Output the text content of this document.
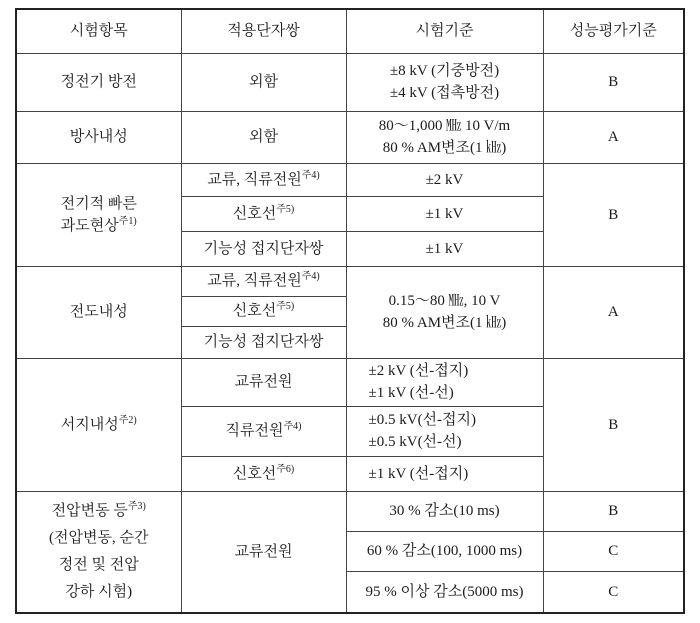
시험항목	적용단자쌍	시험기준	성능평가기준
정전기 방전	외함	±8 kV (기중방전)
±4 kV (접촉방전)	B
방사내성	외함	80～1,000 ㎒ 10 V/m
80 % AM변조(1 ㎑)	A

전기적 빠른
과도현상$^{주1)}$	교류, 직류전원$^{주4)}$	±2 kV	B
	신호선$^{주5)}$	±1 kV	
	기능성 접지단자쌍	±1 kV	
전도내성	교류, 직류전원$^{주4)}$	0.15～80 ㎒, 10 V
80 % AM변조(1 ㎑)	A
	신호선$^{주5)}$
	기능성 접지단자쌍		
서지내성$^{주2)}$	교류전원	±2 kV (선-접지)
±1 kV (선-선)	B
	직류전원$^{주4)}$	±0.5 kV(선-접지)
±0.5 kV(선-선)	

	신호선$^{주6)}$	±1 kV (선-접지)	

전압변동 등$^{주3)}$
(전압변동, 순간
정전 및 전압
강하 시험)	교류전원	30 % 감소(10 ms)	B
		60 % 감소(100, 1000 ms)	C
		95 % 이상 감소(5000 ms)	C
